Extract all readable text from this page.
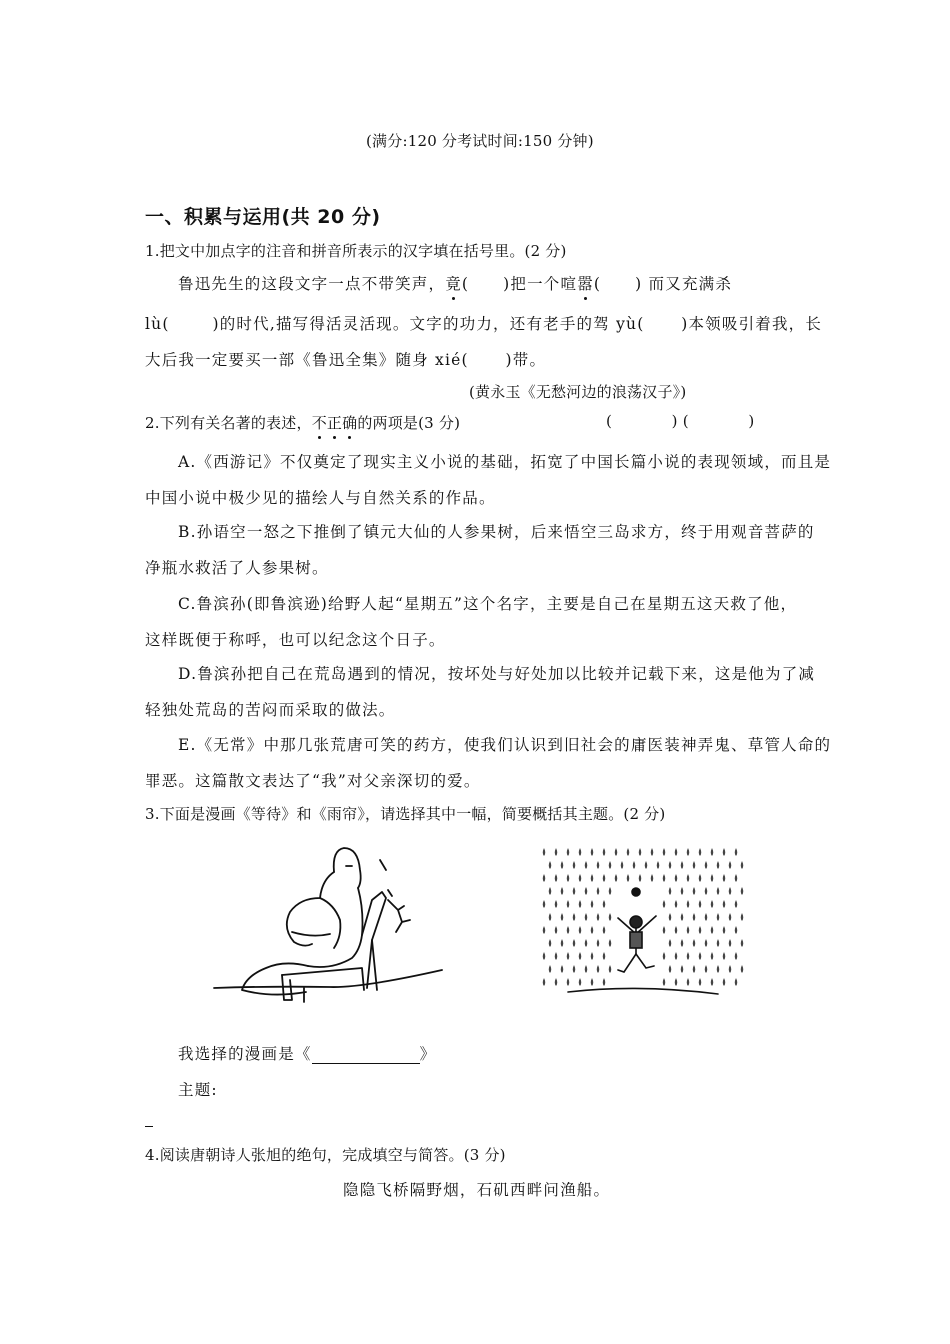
(满分:120 分考试时间:150 分钟)
一、积累与运用(共 20 分)
1.把文中加点字的注音和拼音所表示的汉字填在括号里。(2 分)
鲁迅先生的这段文字一点不带笑声，竟( )把一个喧嚣( ) 而又充满杀
lù(       )的时代,描写得活灵活现。文字的功力，还有老手的驾 yù(      )本领吸引着我，长
大后我一定要买一部《鲁迅全集》随身 xié(      )带。
(黄永玉《无愁河边的浪荡汉子》)
2.下列有关名著的表述，不正确的两项是(3 分)	(            ) (            )
A.《西游记》不仅奠定了现实主义小说的基础，拓宽了中国长篇小说的表现领域，而且是
中国小说中极少见的描绘人与自然关系的作品。
B.孙语空一怒之下推倒了镇元大仙的人参果树，后来悟空三岛求方，终于用观音菩萨的
净瓶水救活了人参果树。
C.鲁滨孙(即鲁滨逊)给野人起“星期五”这个名字，主要是自己在星期五这天救了他，
这样既便于称呼，也可以纪念这个日子。
D.鲁滨孙把自己在荒岛遇到的情况，按坏处与好处加以比较并记载下来，这是他为了减
轻独处荒岛的苦闷而采取的做法。
E.《无常》中那几张荒唐可笑的药方，使我们认识到旧社会的庸医装神弄鬼、草管人命的
罪恶。这篇散文表达了“我”对父亲深切的爱。
3.下面是漫画《等待》和《雨帘》，请选择其中一幅，简要概括其主题。(2 分)
我选择的漫画是《	》
主题:
4.阅读唐朝诗人张旭的绝句，完成填空与简答。(3 分)
隐隐飞桥隔野烟，石矶西畔问渔船。
